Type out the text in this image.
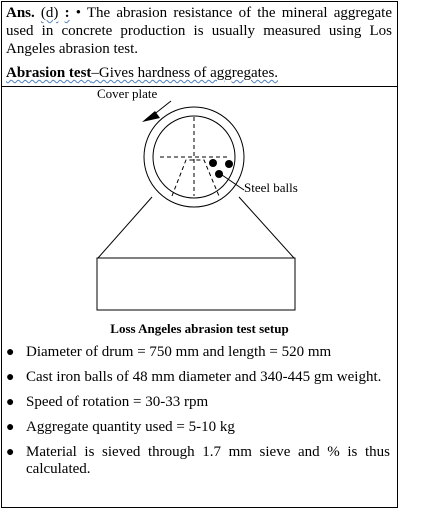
Ans. (d) : • The abrasion resistance of the mineral aggregate used in concrete production is usually measured using Los Angeles abrasion test.
Abrasion test–Gives hardness of aggregates.
Cover plate
Steel balls
Loss Angeles abrasion test setup
● Diameter of drum = 750 mm and length = 520 mm
● Cast iron balls of 48 mm diameter and 340-445 gm weight.
● Speed of rotation = 30-33 rpm
● Aggregate quantity used = 5-10 kg
● Material is sieved through 1.7 mm sieve and % is thus calculated.
